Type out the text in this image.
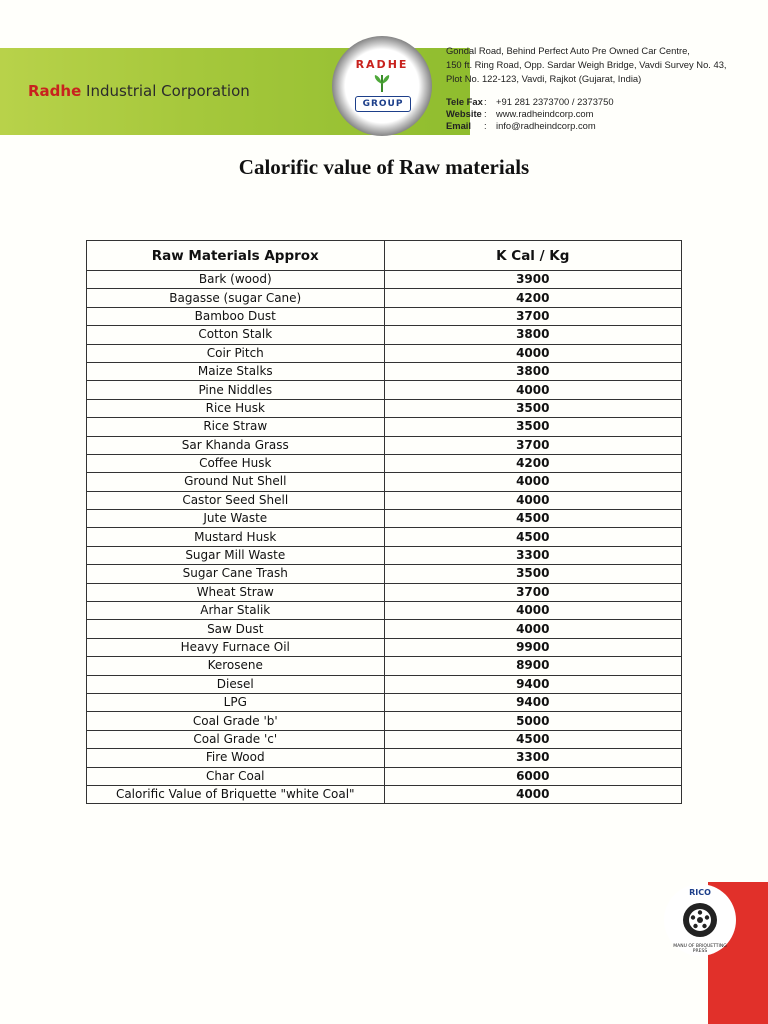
Radhe Industrial Corporation
RADHE
GROUP
Gondal Road, Behind Perfect Auto Pre Owned Car Centre,
150 ft. Ring Road, Opp. Sardar Weigh Bridge, Vavdi Survey No. 43,
Plot No. 122-123, Vavdi, Rajkot (Gujarat, India)
Tele Fax : +91 281 2373700 / 2373750
Website : www.radheindcorp.com
Email	: info@radheindcorp.com
Calorific value of Raw materials
Raw Materials Approx	K Cal / Kg
Bark (wood)	3900
Bagasse (sugar Cane)	4200
Bamboo Dust	3700
Cotton Stalk	3800
Coir Pitch	4000
Maize Stalks	3800
Pine Niddles	4000
Rice Husk	3500
Rice Straw	3500
Sar Khanda Grass	3700
Coffee Husk	4200
Ground Nut Shell	4000
Castor Seed Shell	4000
Jute Waste	4500
Mustard Husk	4500
Sugar Mill Waste	3300
Sugar Cane Trash	3500
Wheat Straw	3700
Arhar Stalik	4000
Saw Dust	4000
Heavy Furnace Oil	9900
Kerosene	8900
Diesel	9400
LPG	9400
Coal Grade 'b'	5000
Coal Grade 'c'	4500
Fire Wood	3300
Char Coal	6000
Calorific Value of Briquette "white Coal"	4000
RICO
MANU OF BRIQUETTING PRESS
